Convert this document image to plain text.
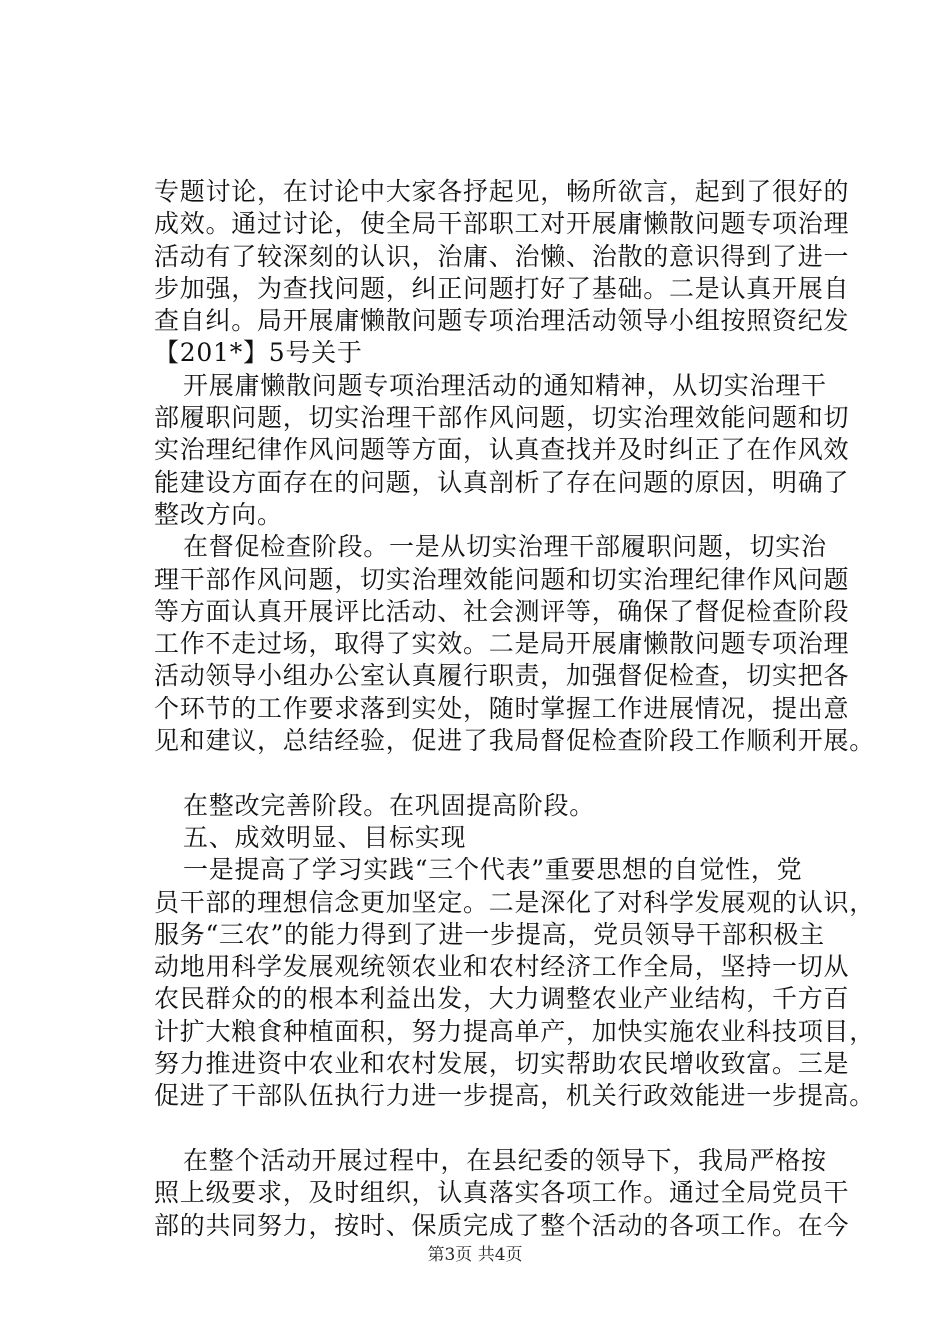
专题讨论，在讨论中大家各抒起见，畅所欲言，起到了很好的
成效。通过讨论，使全局干部职工对开展庸懒散问题专项治理
活动有了较深刻的认识，治庸、治懒、治散的意识得到了进一
步加强，为查找问题，纠正问题打好了基础。二是认真开展自
查自纠。局开展庸懒散问题专项治理活动领导小组按照资纪发
【201*】5号关于
开展庸懒散问题专项治理活动的通知精神，从切实治理干
部履职问题，切实治理干部作风问题，切实治理效能问题和切
实治理纪律作风问题等方面，认真查找并及时纠正了在作风效
能建设方面存在的问题，认真剖析了存在问题的原因，明确了
整改方向。
在督促检查阶段。一是从切实治理干部履职问题，切实治
理干部作风问题，切实治理效能问题和切实治理纪律作风问题
等方面认真开展评比活动、社会测评等，确保了督促检查阶段
工作不走过场，取得了实效。二是局开展庸懒散问题专项治理
活动领导小组办公室认真履行职责，加强督促检查，切实把各
个环节的工作要求落到实处，随时掌握工作进展情况，提出意
见和建议，总结经验，促进了我局督促检查阶段工作顺利开展。
在整改完善阶段。在巩固提高阶段。
五、成效明显、目标实现
一是提高了学习实践“三个代表”重要思想的自觉性，党
员干部的理想信念更加坚定。二是深化了对科学发展观的认识，
服务“三农”的能力得到了进一步提高，党员领导干部积极主
动地用科学发展观统领农业和农村经济工作全局，坚持一切从
农民群众的的根本利益出发，大力调整农业产业结构，千方百
计扩大粮食种植面积，努力提高单产，加快实施农业科技项目，
努力推进资中农业和农村发展，切实帮助农民增收致富。三是
促进了干部队伍执行力进一步提高，机关行政效能进一步提高。
在整个活动开展过程中，在县纪委的领导下，我局严格按
照上级要求，及时组织，认真落实各项工作。通过全局党员干
部的共同努力，按时、保质完成了整个活动的各项工作。在今
第3页 共4页
